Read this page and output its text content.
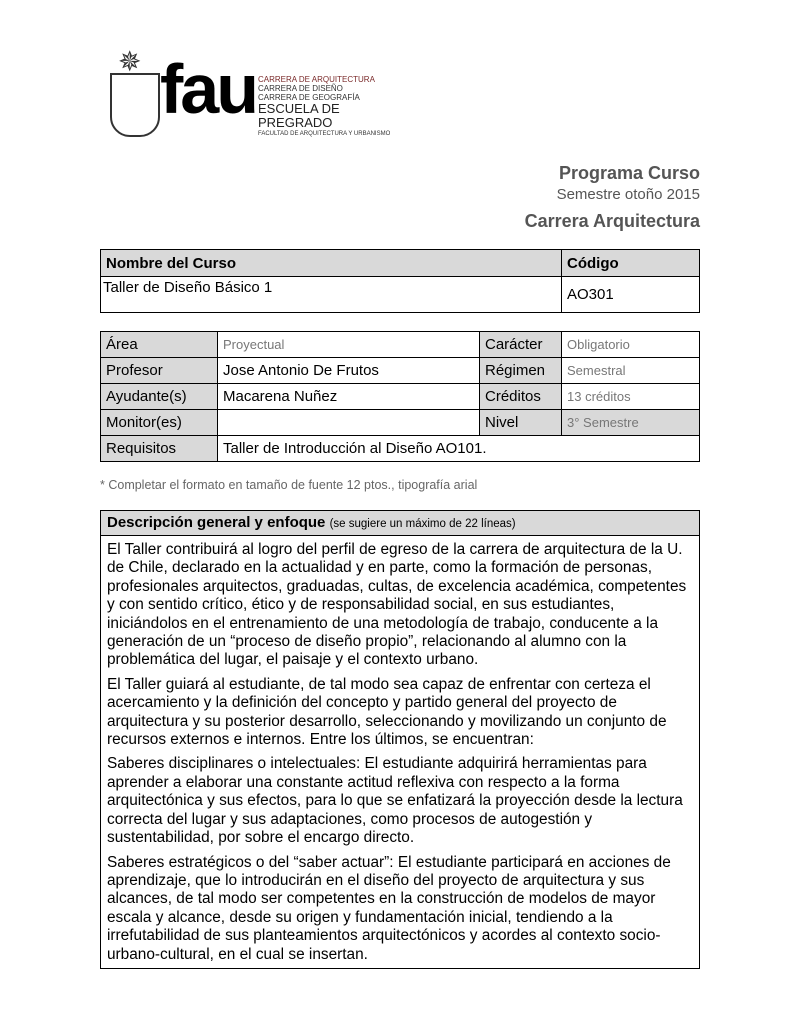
✵ fau CARRERA DE ARQUITECTURA
CARRERA DE DISEÑO
CARRERA DE GEOGRAFÍA
ESCUELA DE PREGRADO
FACULTAD DE ARQUITECTURA Y URBANISMO
Programa Curso
Semestre otoño 2015
Carrera Arquitectura
Nombre del Curso	Código
Taller de Diseño Básico 1	AO301
Área	Proyectual	Carácter	Obligatorio
Profesor	Jose Antonio De Frutos	Régimen	Semestral
Ayudante(s)	Macarena Nuñez	Créditos	13 créditos
Monitor(es)		Nivel	3° Semestre
Requisitos	Taller de Introducción al Diseño AO101.		
* Completar el formato en tamaño de fuente 12 ptos., tipografía arial
Descripción general y enfoque (se sugiere un máximo de 22 líneas)

El Taller contribuirá al logro del perfil de egreso de la carrera de arquitectura de la U. de Chile, declarado en la actualidad y en parte, como la formación de personas, profesionales arquitectos, graduadas, cultas, de excelencia académica, competentes y con sentido crítico, ético y de responsabilidad social, en sus estudiantes, iniciándolos en el entrenamiento de una metodología de trabajo, conducente a la generación de un “proceso de diseño propio”, relacionando al alumno con la problemática del lugar, el paisaje y el contexto urbano.

El Taller guiará al estudiante, de tal modo sea capaz de enfrentar con certeza el acercamiento y la definición del concepto y partido general del proyecto de arquitectura y su posterior desarrollo, seleccionando y movilizando un conjunto de recursos externos e internos. Entre los últimos, se encuentran:

Saberes disciplinares o intelectuales: El estudiante adquirirá herramientas para aprender a elaborar una constante actitud reflexiva con respecto a la forma arquitectónica y sus efectos, para lo que se enfatizará la proyección desde la lectura correcta del lugar y sus adaptaciones, como procesos de autogestión y sustentabilidad, por sobre el encargo directo.

Saberes estratégicos o del “saber actuar”: El estudiante participará en acciones de aprendizaje, que lo introducirán en el diseño del proyecto de arquitectura y sus alcances, de tal modo ser competentes en la construcción de modelos de mayor escala y alcance, desde su origen y fundamentación inicial, tendiendo a la irrefutabilidad de sus planteamientos arquitectónicos y acordes al contexto socio-urbano-cultural, en el cual se insertan.
